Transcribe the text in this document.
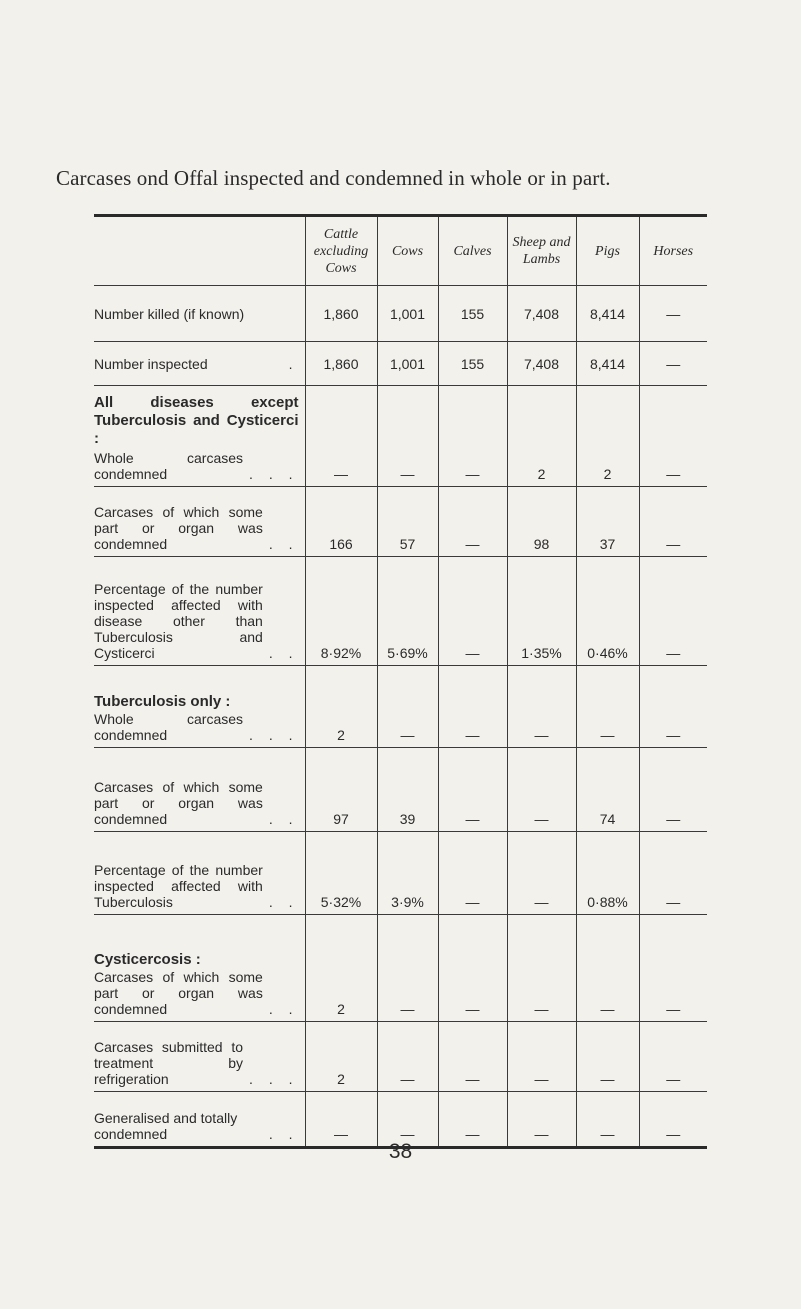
Carcases ond Offal inspected and condemned in whole or in part.
	Cattle excluding Cows	Cows	Calves	Sheep and Lambs	Pigs	Horses
Number killed (if known)	1,860	1,001	155	7,408	8,414	—

Number inspected .	1,860	1,001	155	7,408	8,414	—

All diseases except Tuberculosis and Cysticerci :
Whole carcases condemned . . .	—	—	—	2	2	—

Carcases of which some part or organ was condemned . .	166	57	—	98	37	—

Percentage of the number inspected affected with disease other than Tuberculosis and Cysticerci . .	8·92%	5·69%	—	1·35%	0·46%	—

Tuberculosis only :
Whole carcases condemned . . .	2	—	—	—	—	—

Carcases of which some part or organ was condemned . .	97	39	—	—	74	—

Percentage of the number inspected affected with Tuberculosis . .	5·32%	3·9%	—	—	0·88%	—

Cysticercosis :
Carcases of which some part or organ was condemned . .	2	—	—	—	—	—

Carcases submitted to treatment by refrigeration . . .	2	—	—	—	—	—

Generalised and totally condemned . .	—	—	—	—	—	—
38
